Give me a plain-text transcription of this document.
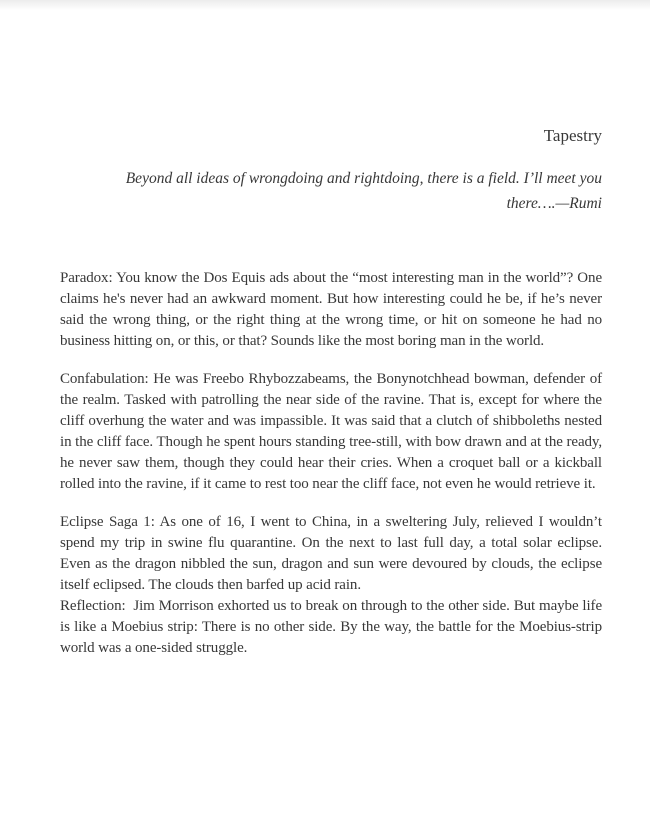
Tapestry
Beyond all ideas of wrongdoing and rightdoing, there is a field. I’ll meet you
there….—Rumi

Paradox: You know the Dos Equis ads about the “most interesting man in the world”? One claims he's never had an awkward moment. But how interesting could he be, if he’s never said the wrong thing, or the right thing at the wrong time, or hit on someone he had no business hitting on, or this, or that? Sounds like the most boring man in the world.

Confabulation: He was Freebo Rhybozzabeams, the Bonynotchhead bowman, defender of the realm. Tasked with patrolling the near side of the ravine. That is, except for where the cliff overhung the water and was impassible. It was said that a clutch of shibboleths nested in the cliff face. Though he spent hours standing tree-still, with bow drawn and at the ready, he never saw them, though they could hear their cries. When a croquet ball or a kickball rolled into the ravine, if it came to rest too near the cliff face, not even he would retrieve it.

Eclipse Saga 1: As one of 16, I went to China, in a sweltering July, relieved I wouldn’t spend my trip in swine flu quarantine. On the next to last full day, a total solar eclipse. Even as the dragon nibbled the sun, dragon and sun were devoured by clouds, the eclipse itself eclipsed. The clouds then barfed up acid rain.

Reflection:  Jim Morrison exhorted us to break on through to the other side. But maybe life is like a Moebius strip: There is no other side. By the way, the battle for the Moebius-strip world was a one-sided struggle.
